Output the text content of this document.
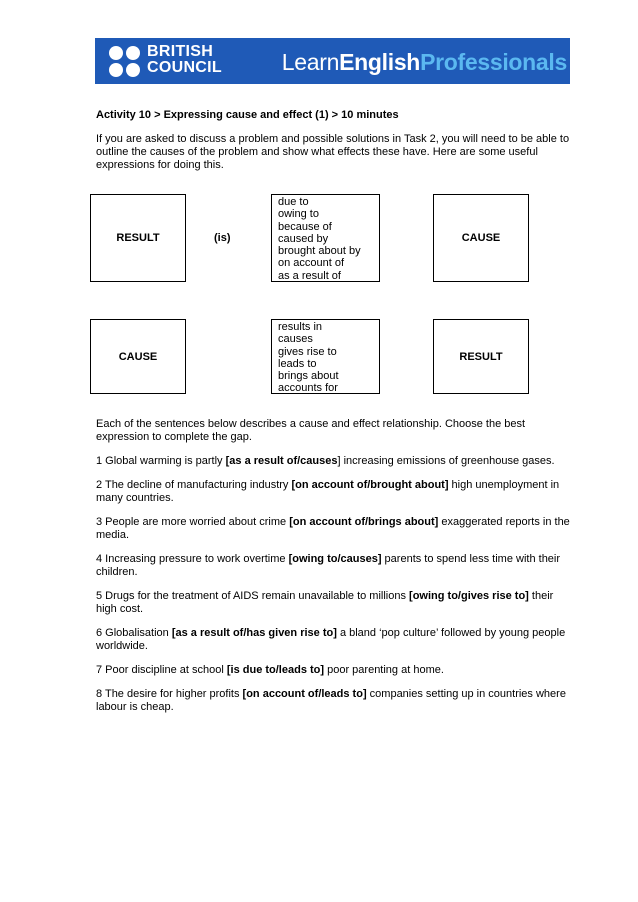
BRITISH
COUNCIL	LearnEnglishProfessionals
Activity 10 > Expressing cause and effect (1) > 10 minutes
If you are asked to discuss a problem and possible solutions in Task 2, you will need to be able to outline the causes of the problem and show what effects these have. Here are some useful expressions for doing this.
RESULT	(is)
due to
owing to
because of
caused by
brought about by
on account of
as a result of
CAUSE
CAUSE
results in
causes
gives rise to
leads to
brings about
accounts for
RESULT
Each of the sentences below describes a cause and effect relationship. Choose the best expression to complete the gap.
1 Global warming is partly [as a result of/causes] increasing emissions of greenhouse gases.
2 The decline of manufacturing industry [on account of/brought about] high unemployment in many countries.
3 People are more worried about crime [on account of/brings about] exaggerated reports in the media.
4 Increasing pressure to work overtime [owing to/causes] parents to spend less time with their children.
5 Drugs for the treatment of AIDS remain unavailable to millions [owing to/gives rise to] their high cost.
6 Globalisation [as a result of/has given rise to] a bland ‘pop culture’ followed by young people worldwide.
7 Poor discipline at school [is due to/leads to] poor parenting at home.
8 The desire for higher profits [on account of/leads to] companies setting up in countries where labour is cheap.
